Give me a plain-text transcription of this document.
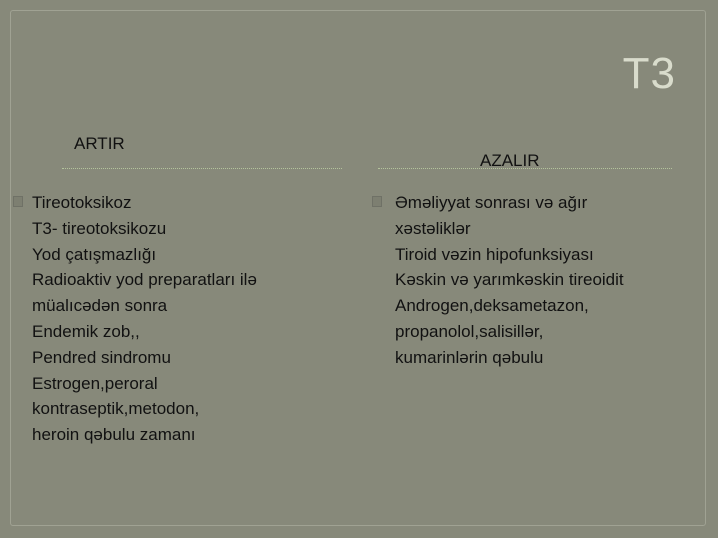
T3
ARTIR
AZALIR
Tireotoksikoz
T3- tireotoksikozu
Yod çatışmazlığı
Radioaktiv yod preparatları ilə
müalıcədən sonra
Endemik zob,,
Pendred sindromu
Estrogen,peroral
kontraseptik,metodon,
heroin qəbulu zamanı
Əməliyyat sonrası və ağır
xəstəliklər
Tiroid vəzin hipofunksiyası
Kəskin və yarımkəskin tireoidit
Androgen,deksametazon,
propanolol,salisillər,
kumarinlərin qəbulu
